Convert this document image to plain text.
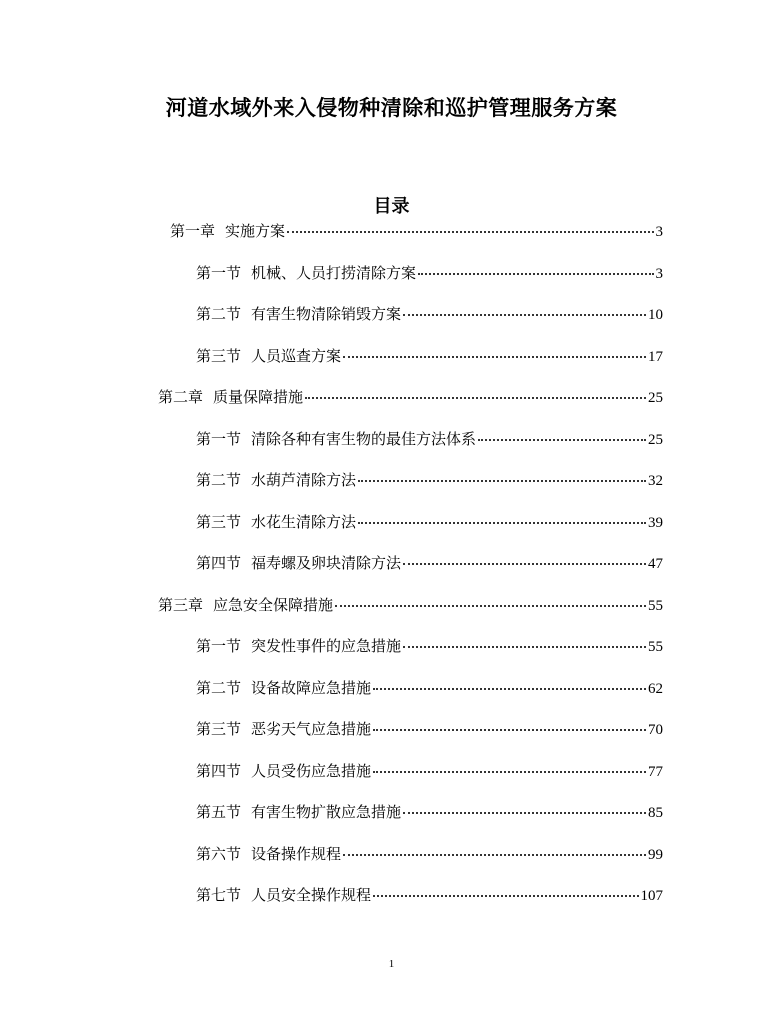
河道水域外来入侵物种清除和巡护管理服务方案
目录
第一章 实施方案	3
第一节 机械、人员打捞清除方案	3
第二节 有害生物清除销毁方案	10
第三节 人员巡查方案	17
第二章 质量保障措施	25
第一节 清除各种有害生物的最佳方法体系	25
第二节 水葫芦清除方法	32
第三节 水花生清除方法	39
第四节 福寿螺及卵块清除方法	47
第三章 应急安全保障措施	55
第一节 突发性事件的应急措施	55
第二节 设备故障应急措施	62
第三节 恶劣天气应急措施	70
第四节 人员受伤应急措施	77
第五节 有害生物扩散应急措施	85
第六节 设备操作规程	99
第七节 人员安全操作规程	107
1
